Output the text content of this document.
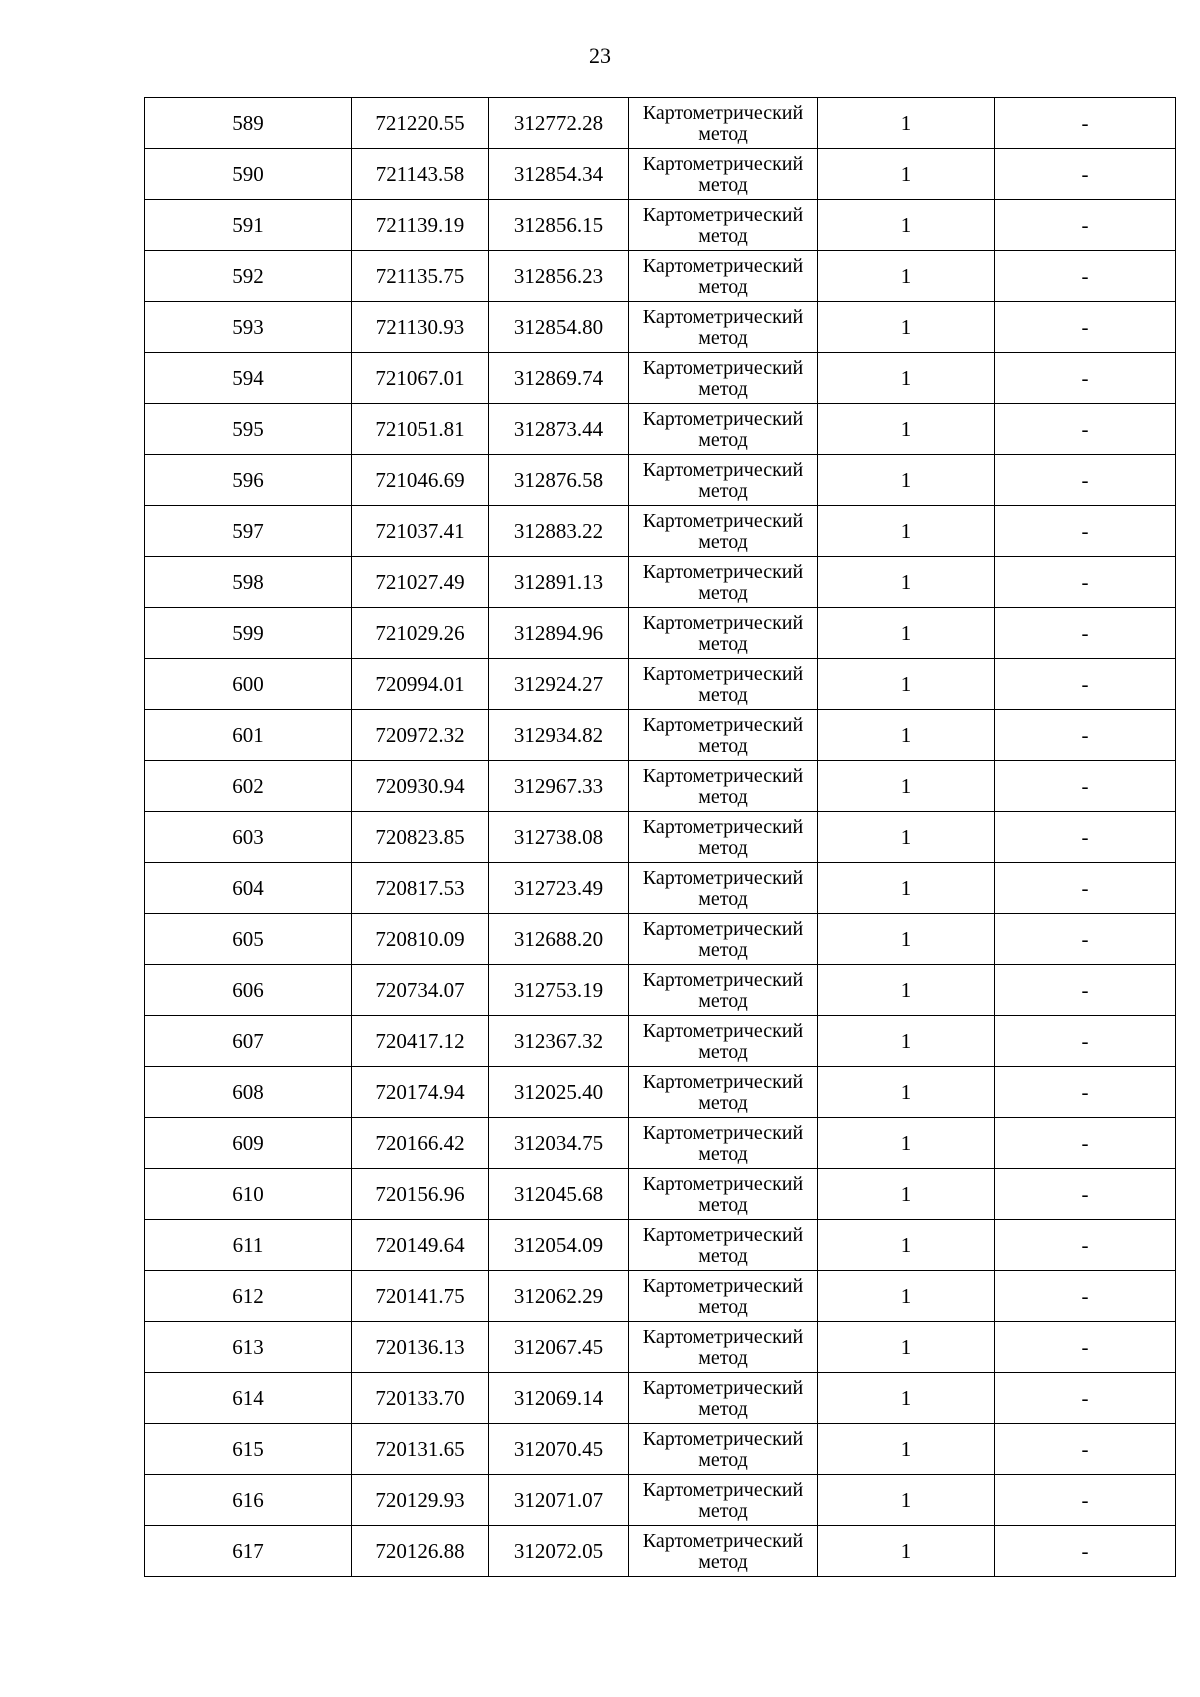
23
589	721220.55	312772.28	Картометрический
метод	1	-
590	721143.58	312854.34	Картометрический
метод	1	-
591	721139.19	312856.15	Картометрический
метод	1	-
592	721135.75	312856.23	Картометрический
метод	1	-
593	721130.93	312854.80	Картометрический
метод	1	-
594	721067.01	312869.74	Картометрический
метод	1	-
595	721051.81	312873.44	Картометрический
метод	1	-
596	721046.69	312876.58	Картометрический
метод	1	-
597	721037.41	312883.22	Картометрический
метод	1	-
598	721027.49	312891.13	Картометрический
метод	1	-
599	721029.26	312894.96	Картометрический
метод	1	-
600	720994.01	312924.27	Картометрический
метод	1	-
601	720972.32	312934.82	Картометрический
метод	1	-
602	720930.94	312967.33	Картометрический
метод	1	-
603	720823.85	312738.08	Картометрический
метод	1	-
604	720817.53	312723.49	Картометрический
метод	1	-
605	720810.09	312688.20	Картометрический
метод	1	-
606	720734.07	312753.19	Картометрический
метод	1	-
607	720417.12	312367.32	Картометрический
метод	1	-
608	720174.94	312025.40	Картометрический
метод	1	-
609	720166.42	312034.75	Картометрический
метод	1	-
610	720156.96	312045.68	Картометрический
метод	1	-
611	720149.64	312054.09	Картометрический
метод	1	-
612	720141.75	312062.29	Картометрический
метод	1	-
613	720136.13	312067.45	Картометрический
метод	1	-
614	720133.70	312069.14	Картометрический
метод	1	-
615	720131.65	312070.45	Картометрический
метод	1	-
616	720129.93	312071.07	Картометрический
метод	1	-
617	720126.88	312072.05	Картометрический
метод	1	-
